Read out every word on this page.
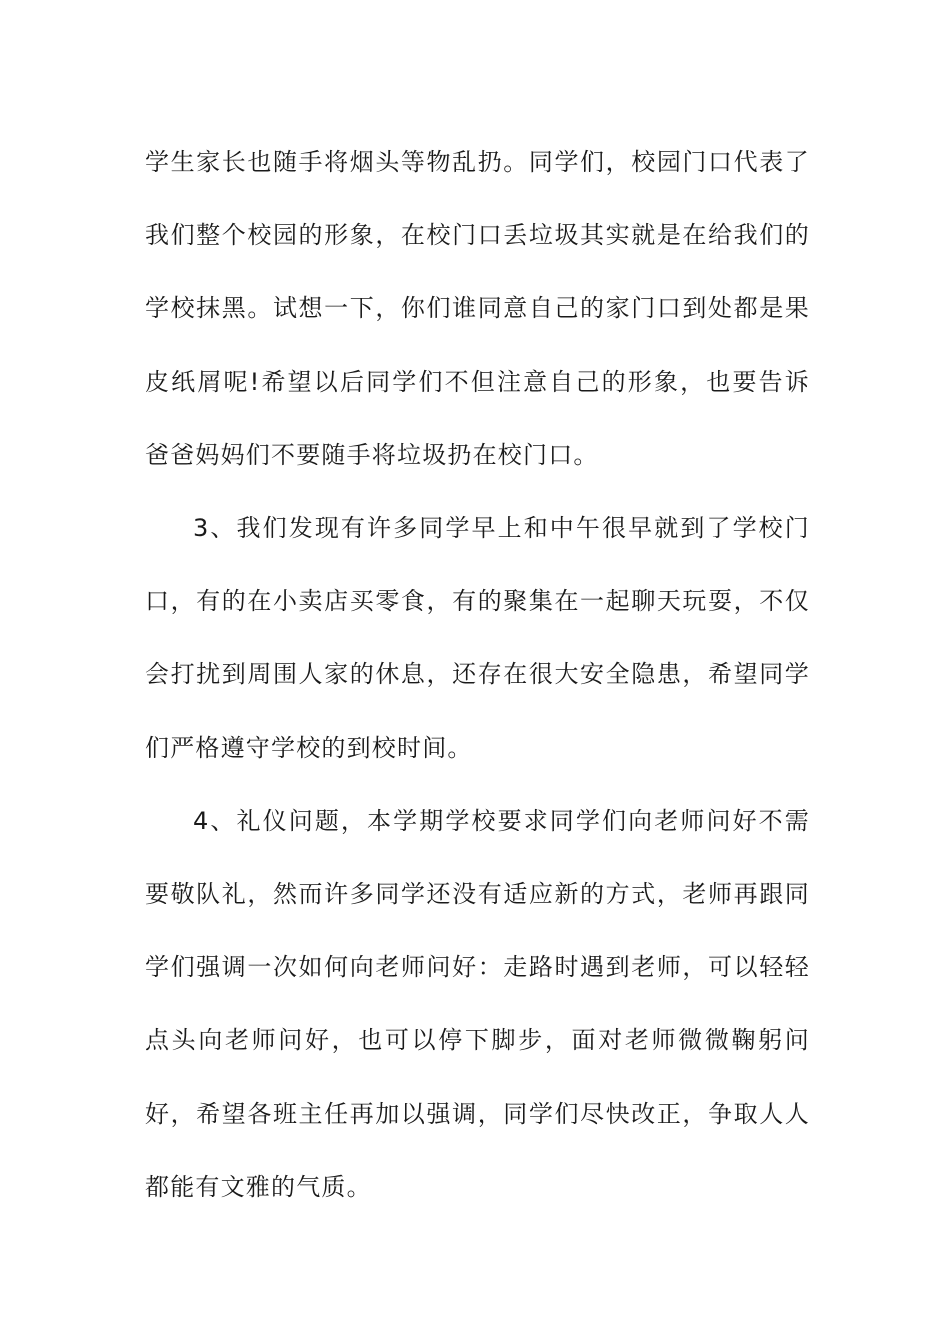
学生家长也随手将烟头等物乱扔。同学们，校园门口代表了我们整个校园的形象，在校门口丢垃圾其实就是在给我们的学校抹黑。试想一下，你们谁同意自己的家门口到处都是果皮纸屑呢!希望以后同学们不但注意自己的形象，也要告诉爸爸妈妈们不要随手将垃圾扔在校门口。

3、我们发现有许多同学早上和中午很早就到了学校门口，有的在小卖店买零食，有的聚集在一起聊天玩耍，不仅会打扰到周围人家的休息，还存在很大安全隐患，希望同学们严格遵守学校的到校时间。

4、礼仪问题，本学期学校要求同学们向老师问好不需要敬队礼，然而许多同学还没有适应新的方式，老师再跟同学们强调一次如何向老师问好：走路时遇到老师，可以轻轻点头向老师问好，也可以停下脚步，面对老师微微鞠躬问好，希望各班主任再加以强调，同学们尽快改正，争取人人都能有文雅的气质。
